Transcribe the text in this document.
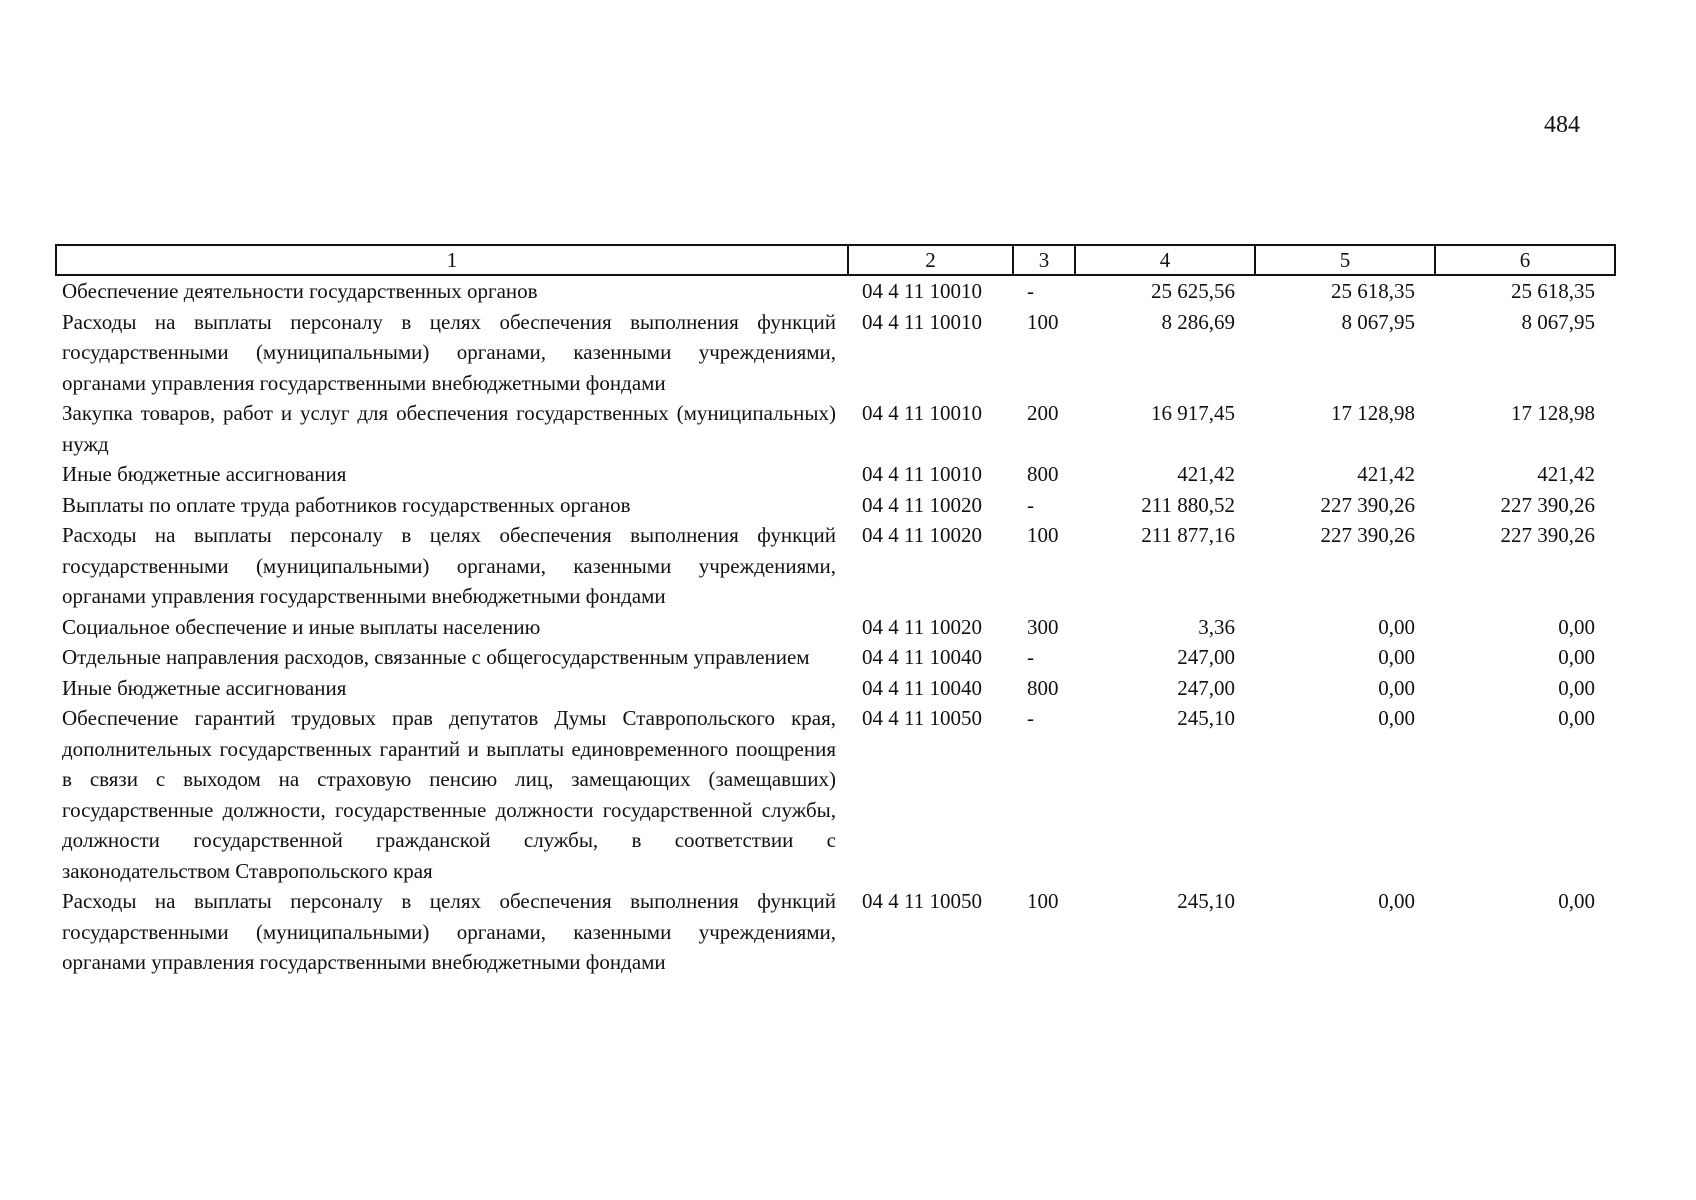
484
1	2	3	4	5	6
Обеспечение деятельности государственных органов	04 4 11 10010	-	25 625,56	25 618,35	25 618,35
Расходы на выплаты персоналу в целях обеспечения выполнения функций государственными (муниципальными) органами, казенными учреждениями, органами управления государственными внебюджетными фондами	04 4 11 10010	100	8 286,69	8 067,95	8 067,95
Закупка товаров, работ и услуг для обеспечения государственных (муниципальных) нужд	04 4 11 10010	200	16 917,45	17 128,98	17 128,98
Иные бюджетные ассигнования	04 4 11 10010	800	421,42	421,42	421,42
Выплаты по оплате труда работников государственных органов	04 4 11 10020	-	211 880,52	227 390,26	227 390,26
Расходы на выплаты персоналу в целях обеспечения выполнения функций государственными (муниципальными) органами, казенными учреждениями, органами управления государственными внебюджетными фондами	04 4 11 10020	100	211 877,16	227 390,26	227 390,26
Социальное обеспечение и иные выплаты населению	04 4 11 10020	300	3,36	0,00	0,00
Отдельные направления расходов, связанные с общегосударственным управлением	04 4 11 10040	-	247,00	0,00	0,00
Иные бюджетные ассигнования	04 4 11 10040	800	247,00	0,00	0,00
Обеспечение гарантий трудовых прав депутатов Думы Ставропольского края, дополнительных государственных гарантий и выплаты единовременного поощрения в связи с выходом на страховую пенсию лиц, замещающих (замещавших) государственные должности, государственные должности государственной службы, должности государственной гражданской службы, в соответствии с законодательством Ставропольского края	04 4 11 10050	-	245,10	0,00	0,00
Расходы на выплаты персоналу в целях обеспечения выполнения функций государственными (муниципальными) органами, казенными учреждениями, органами управления государственными внебюджетными фондами	04 4 11 10050	100	245,10	0,00	0,00
